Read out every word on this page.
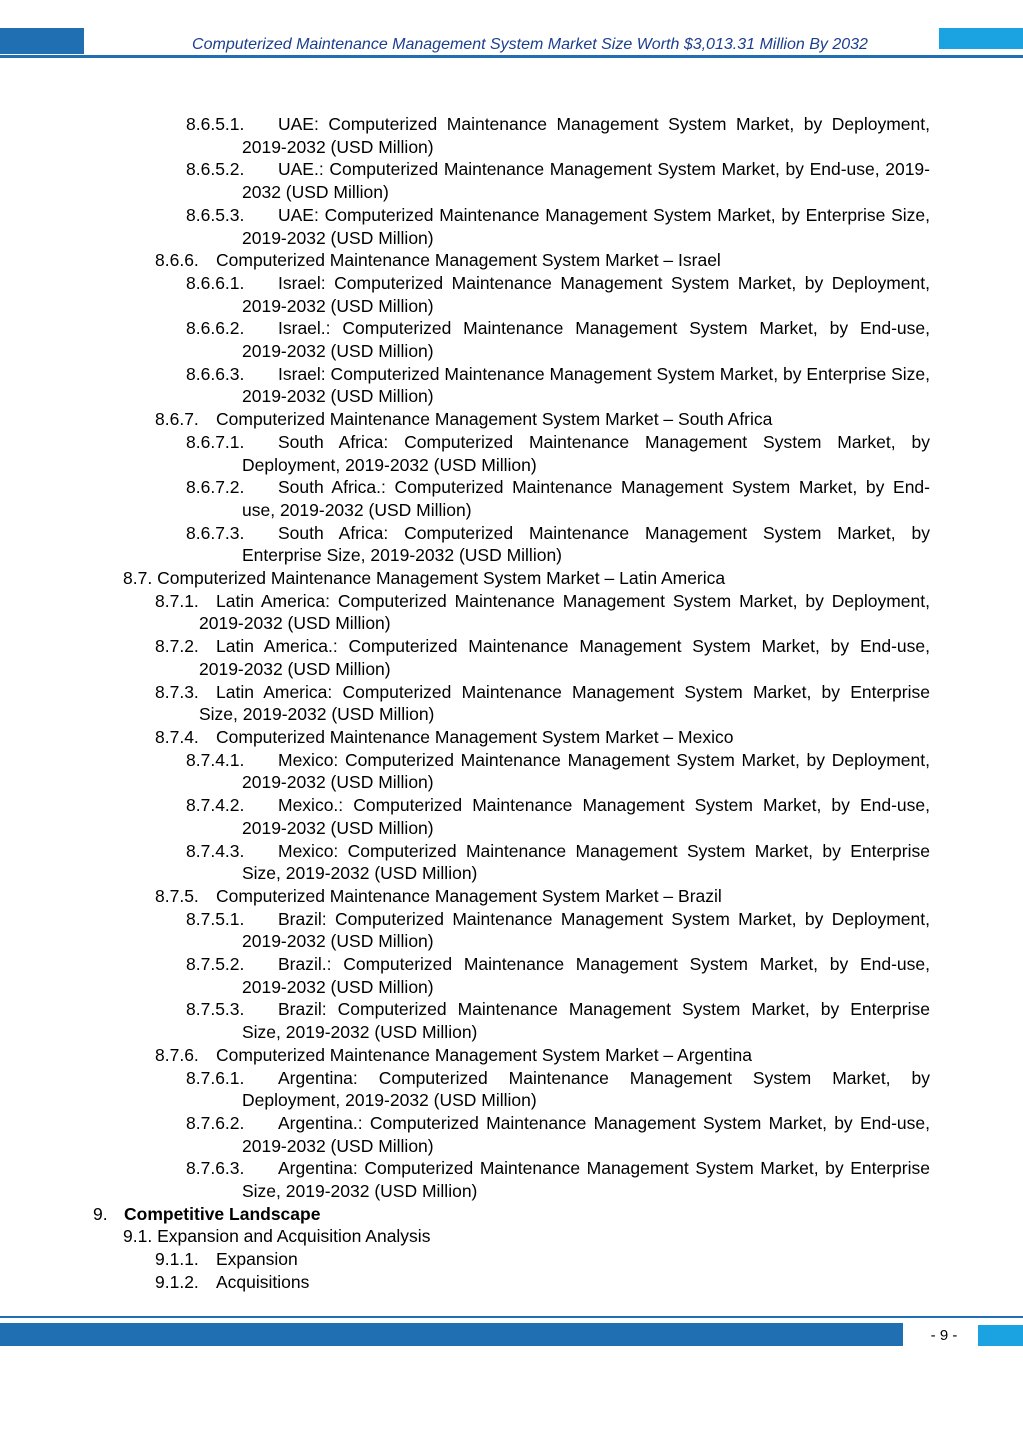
Computerized Maintenance Management System Market Size Worth $3,013.31 Million By 2032
8.6.5.1. UAE: Computerized Maintenance Management System Market, by Deployment, 2019-2032 (USD Million)
8.6.5.2. UAE.: Computerized Maintenance Management System Market, by End-use, 2019-2032 (USD Million)
8.6.5.3. UAE: Computerized Maintenance Management System Market, by Enterprise Size, 2019-2032 (USD Million)
8.6.6. Computerized Maintenance Management System Market – Israel
8.6.6.1. Israel: Computerized Maintenance Management System Market, by Deployment, 2019-2032 (USD Million)
8.6.6.2. Israel.: Computerized Maintenance Management System Market, by End-use, 2019-2032 (USD Million)
8.6.6.3. Israel: Computerized Maintenance Management System Market, by Enterprise Size, 2019-2032 (USD Million)
8.6.7. Computerized Maintenance Management System Market – South Africa
8.6.7.1. South Africa: Computerized Maintenance Management System Market, by Deployment, 2019-2032 (USD Million)
8.6.7.2. South Africa.: Computerized Maintenance Management System Market, by End-use, 2019-2032 (USD Million)
8.6.7.3. South Africa: Computerized Maintenance Management System Market, by Enterprise Size, 2019-2032 (USD Million)
8.7. Computerized Maintenance Management System Market – Latin America
8.7.1. Latin America: Computerized Maintenance Management System Market, by Deployment, 2019-2032 (USD Million)
8.7.2. Latin America.: Computerized Maintenance Management System Market, by End-use, 2019-2032 (USD Million)
8.7.3. Latin America: Computerized Maintenance Management System Market, by Enterprise Size, 2019-2032 (USD Million)
8.7.4. Computerized Maintenance Management System Market – Mexico
8.7.4.1. Mexico: Computerized Maintenance Management System Market, by Deployment, 2019-2032 (USD Million)
8.7.4.2. Mexico.: Computerized Maintenance Management System Market, by End-use, 2019-2032 (USD Million)
8.7.4.3. Mexico: Computerized Maintenance Management System Market, by Enterprise Size, 2019-2032 (USD Million)
8.7.5. Computerized Maintenance Management System Market – Brazil
8.7.5.1. Brazil: Computerized Maintenance Management System Market, by Deployment, 2019-2032 (USD Million)
8.7.5.2. Brazil.: Computerized Maintenance Management System Market, by End-use, 2019-2032 (USD Million)
8.7.5.3. Brazil: Computerized Maintenance Management System Market, by Enterprise Size, 2019-2032 (USD Million)
8.7.6. Computerized Maintenance Management System Market – Argentina
8.7.6.1. Argentina: Computerized Maintenance Management System Market, by Deployment, 2019-2032 (USD Million)
8.7.6.2. Argentina.: Computerized Maintenance Management System Market, by End-use, 2019-2032 (USD Million)
8.7.6.3. Argentina: Computerized Maintenance Management System Market, by Enterprise Size, 2019-2032 (USD Million)
9. Competitive Landscape
9.1. Expansion and Acquisition Analysis
9.1.1. Expansion
9.1.2. Acquisitions
- 9 -
